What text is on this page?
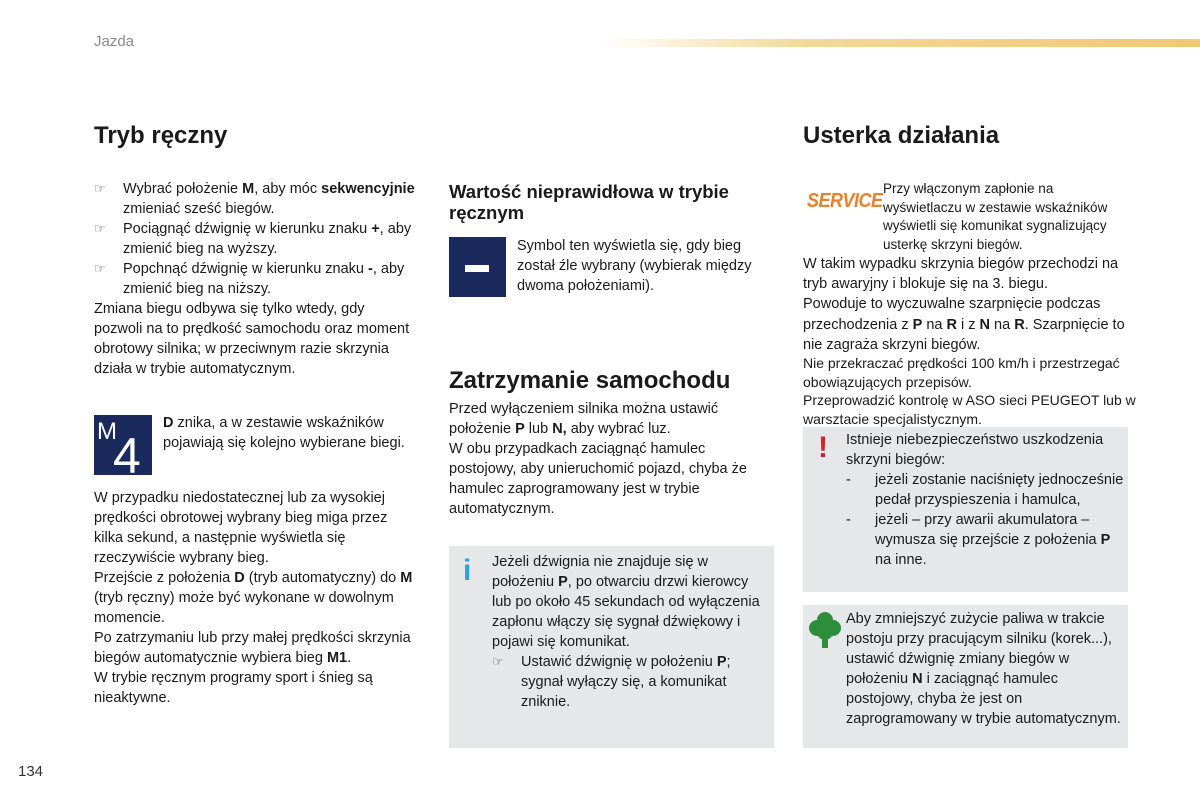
Jazda
Tryb ręczny
☞ Wybrać położenie M, aby móc sekwencyjnie zmieniać sześć biegów.
☞ Pociągnąć dźwignię w kierunku znaku +, aby zmienić bieg na wyższy.
☞ Popchnąć dźwignię w kierunku znaku -, aby zmienić bieg na niższy.

Zmiana biegu odbywa się tylko wtedy, gdy pozwoli na to prędkość samochodu oraz moment obrotowy silnika; w przeciwnym razie skrzynia działa w trybie automatycznym.

M
4
D znika, a w zestawie wskaźników pojawiają się kolejno wybierane biegi.

W przypadku niedostatecznej lub za wysokiej prędkości obrotowej wybrany bieg miga przez kilka sekund, a następnie wyświetla się rzeczywiście wybrany bieg.

Przejście z położenia D (tryb automatyczny) do M (tryb ręczny) może być wykonane w dowolnym momencie.

Po zatrzymaniu lub przy małej prędkości skrzynia biegów automatycznie wybiera bieg M1.

W trybie ręcznym programy sport i śnieg są nieaktywne.

Wartość nieprawidłowa w trybie ręcznym
Symbol ten wyświetla się, gdy bieg został źle wybrany (wybierak między dwoma położeniami).
Zatrzymanie samochodu

Przed wyłączeniem silnika można ustawić położenie P lub N, aby wybrać luz.

W obu przypadkach zaciągnąć hamulec postojowy, aby unieruchomić pojazd, chyba że hamulec zaprogramowany jest w trybie automatycznym.

i Jeżeli dźwignia nie znajduje się w położeniu P, po otwarciu drzwi kierowcy lub po około 45 sekundach od wyłączenia zapłonu włączy się sygnał dźwiękowy i pojawi się komunikat.

☞ Ustawić dźwignię w położeniu P; sygnał wyłączy się, a komunikat zniknie.
Usterka działania
SERVICE Przy włączonym zapłonie na wyświetlaczu w zestawie wskaźników wyświetli się komunikat sygnalizujący usterkę skrzyni biegów.
W takim wypadku skrzynia biegów przechodzi na tryb awaryjny i blokuje się na 3. biegu.
Powoduje to wyczuwalne szarpnięcie podczas przechodzenia z P na R i z N na R. Szarpnięcie to nie zagraża skrzyni biegów.
Nie przekraczać prędkości 100 km/h i przestrzegać obowiązujących przepisów.
Przeprowadzić kontrolę w ASO sieci PEUGEOT lub w warsztacie specjalistycznym.
! Istnieje niebezpieczeństwo uszkodzenia skrzyni biegów:

- jeżeli zostanie naciśnięty jednocześnie pedał przyspieszenia i hamulca,
- jeżeli – przy awarii akumulatora – wymusza się przejście z położenia P na inne.
Aby zmniejszyć zużycie paliwa w trakcie postoju przy pracującym silniku (korek...), ustawić dźwignię zmiany biegów w położeniu N i zaciągnąć hamulec postojowy, chyba że jest on zaprogramowany w trybie automatycznym.
134
